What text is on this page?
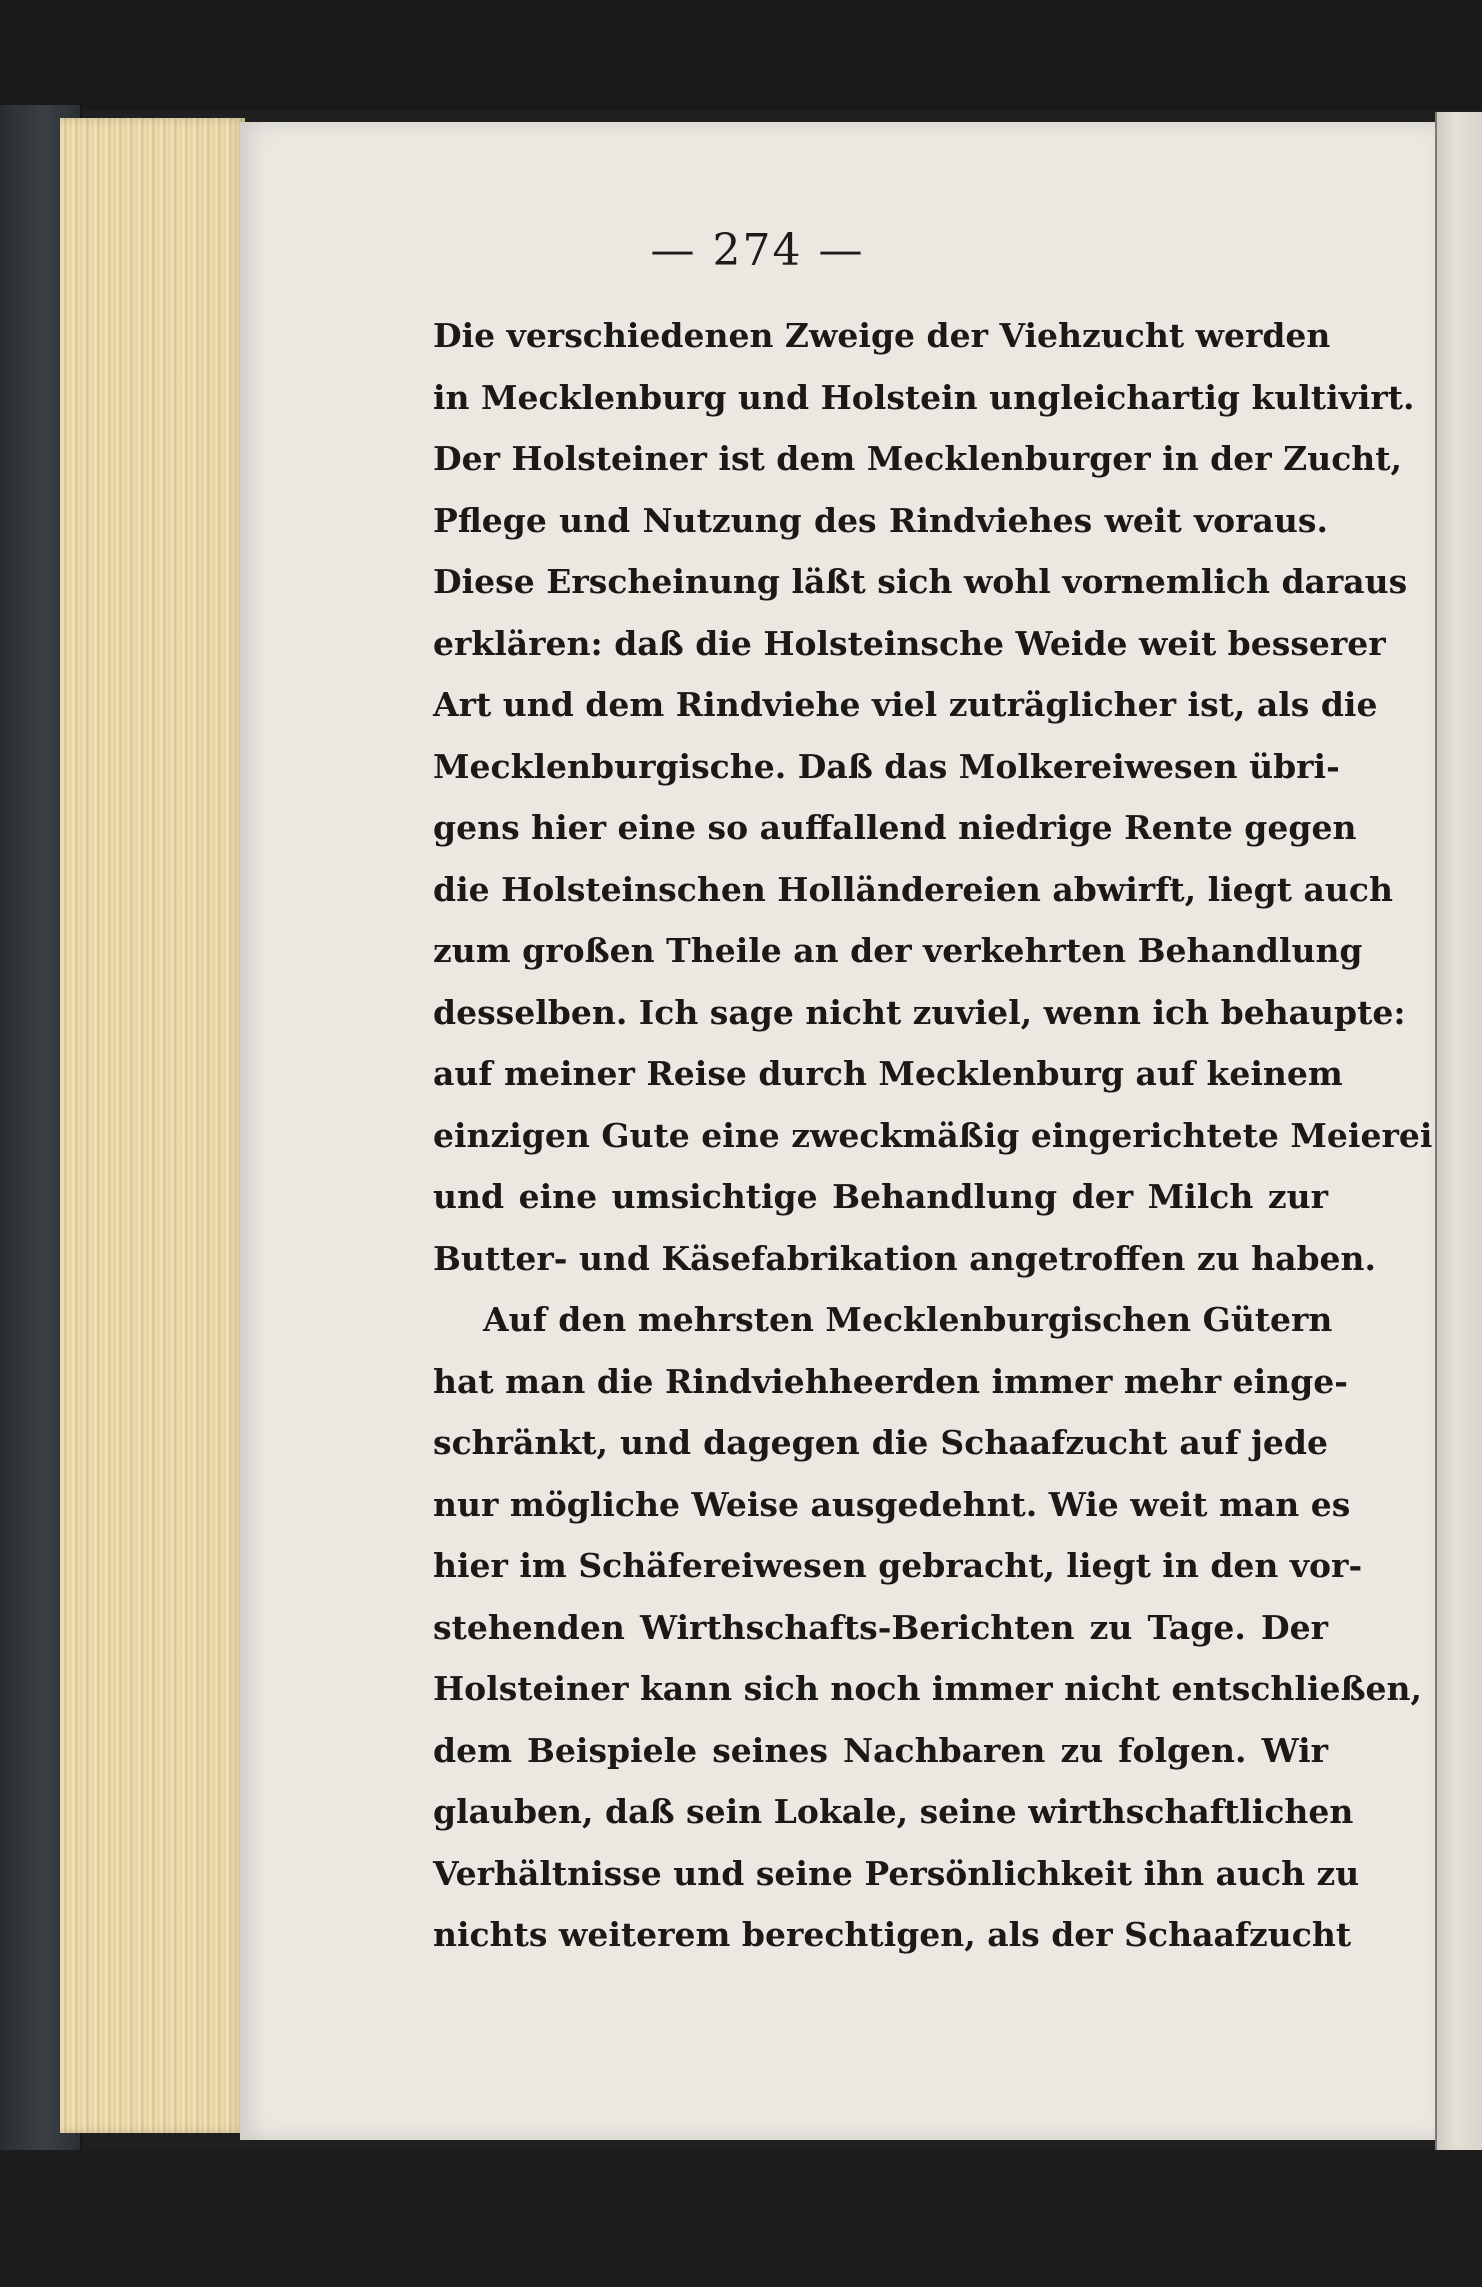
— 274 —
Die verschiedenen Zweige der Viehzucht werden
in Mecklenburg und Holstein ungleichartig kultivirt.
Der Holsteiner ist dem Mecklenburger in der Zucht,
Pflege und Nutzung des Rindviehes weit voraus.
Diese Erscheinung läßt sich wohl vornemlich daraus
erklären: daß die Holsteinsche Weide weit besserer
Art und dem Rindviehe viel zuträglicher ist, als die
Mecklenburgische. Daß das Molkereiwesen übri-
gens hier eine so auffallend niedrige Rente gegen
die Holsteinschen Holländereien abwirft, liegt auch
zum großen Theile an der verkehrten Behandlung
desselben. Ich sage nicht zuviel, wenn ich behaupte:
auf meiner Reise durch Mecklenburg auf keinem
einzigen Gute eine zweckmäßig eingerichtete Meierei
und eine umsichtige Behandlung der Milch zur
Butter- und Käsefabrikation angetroffen zu haben.
Auf den mehrsten Mecklenburgischen Gütern
hat man die Rindviehheerden immer mehr einge-
schränkt, und dagegen die Schaafzucht auf jede
nur mögliche Weise ausgedehnt. Wie weit man es
hier im Schäfereiwesen gebracht, liegt in den vor-
stehenden Wirthschafts-Berichten zu Tage. Der
Holsteiner kann sich noch immer nicht entschließen,
dem Beispiele seines Nachbaren zu folgen. Wir
glauben, daß sein Lokale, seine wirthschaftlichen
Verhältnisse und seine Persönlichkeit ihn auch zu
nichts weiterem berechtigen, als der Schaafzucht
